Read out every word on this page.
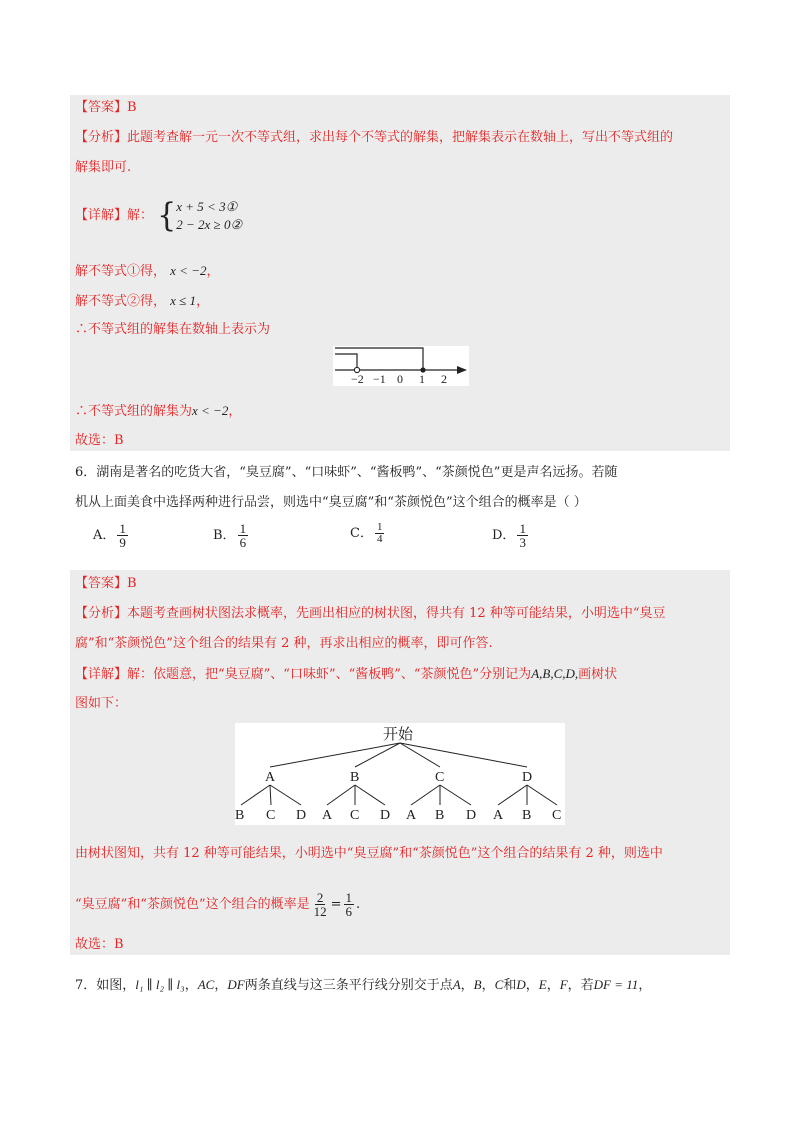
【答案】B
【分析】此题考查解一元一次不等式组，求出每个不等式的解集，把解集表示在数轴上，写出不等式组的
解集即可.
【详解】解： {x + 5 < 3①
2 − 2x ≥ 0②
解不等式①得， x < −2，
解不等式②得， x ≤ 1，
∴不等式组的解集在数轴上表示为
−2 −1 0 1 2
∴不等式组的解集为x < −2，
故选：B
6．湖南是著名的吃货大省，“臭豆腐”、“口味虾”、“酱板鸭”、“茶颜悦色”更是声名远扬。若随
机从上面美食中选择两种进行品尝，则选中“臭豆腐”和“茶颜悦色”这个组合的概率是（ ）
A． $\frac{1}{9}$	B． $\frac{1}{6}$	C． $\frac{1}{4}$	D． $\frac{1}{3}$
【答案】B
【分析】本题考查画树状图法求概率，先画出相应的树状图，得共有 12 种等可能结果，小明选中“臭豆
腐”和“茶颜悦色”这个组合的结果有 2 种，再求出相应的概率，即可作答.
【详解】解：依题意，把“臭豆腐”、“口味虾”、“酱板鸭”、“茶颜悦色”分别记为A,B,C,D,画树状
图如下：
开始
A	B	C	D
B C D A C D A B D A B C
由树状图知，共有 12 种等可能结果，小明选中“臭豆腐”和“茶颜悦色”这个组合的结果有 2 种，则选中
“臭豆腐”和“茶颜悦色”这个组合的概率是 $\frac{2}{12} = \frac{1}{6}$ .
故选：B
7．如图，l₁ ∥ l₂ ∥ l₃，AC，DF两条直线与这三条平行线分别交于点A，B，C和D，E，F，若DF = 11，
